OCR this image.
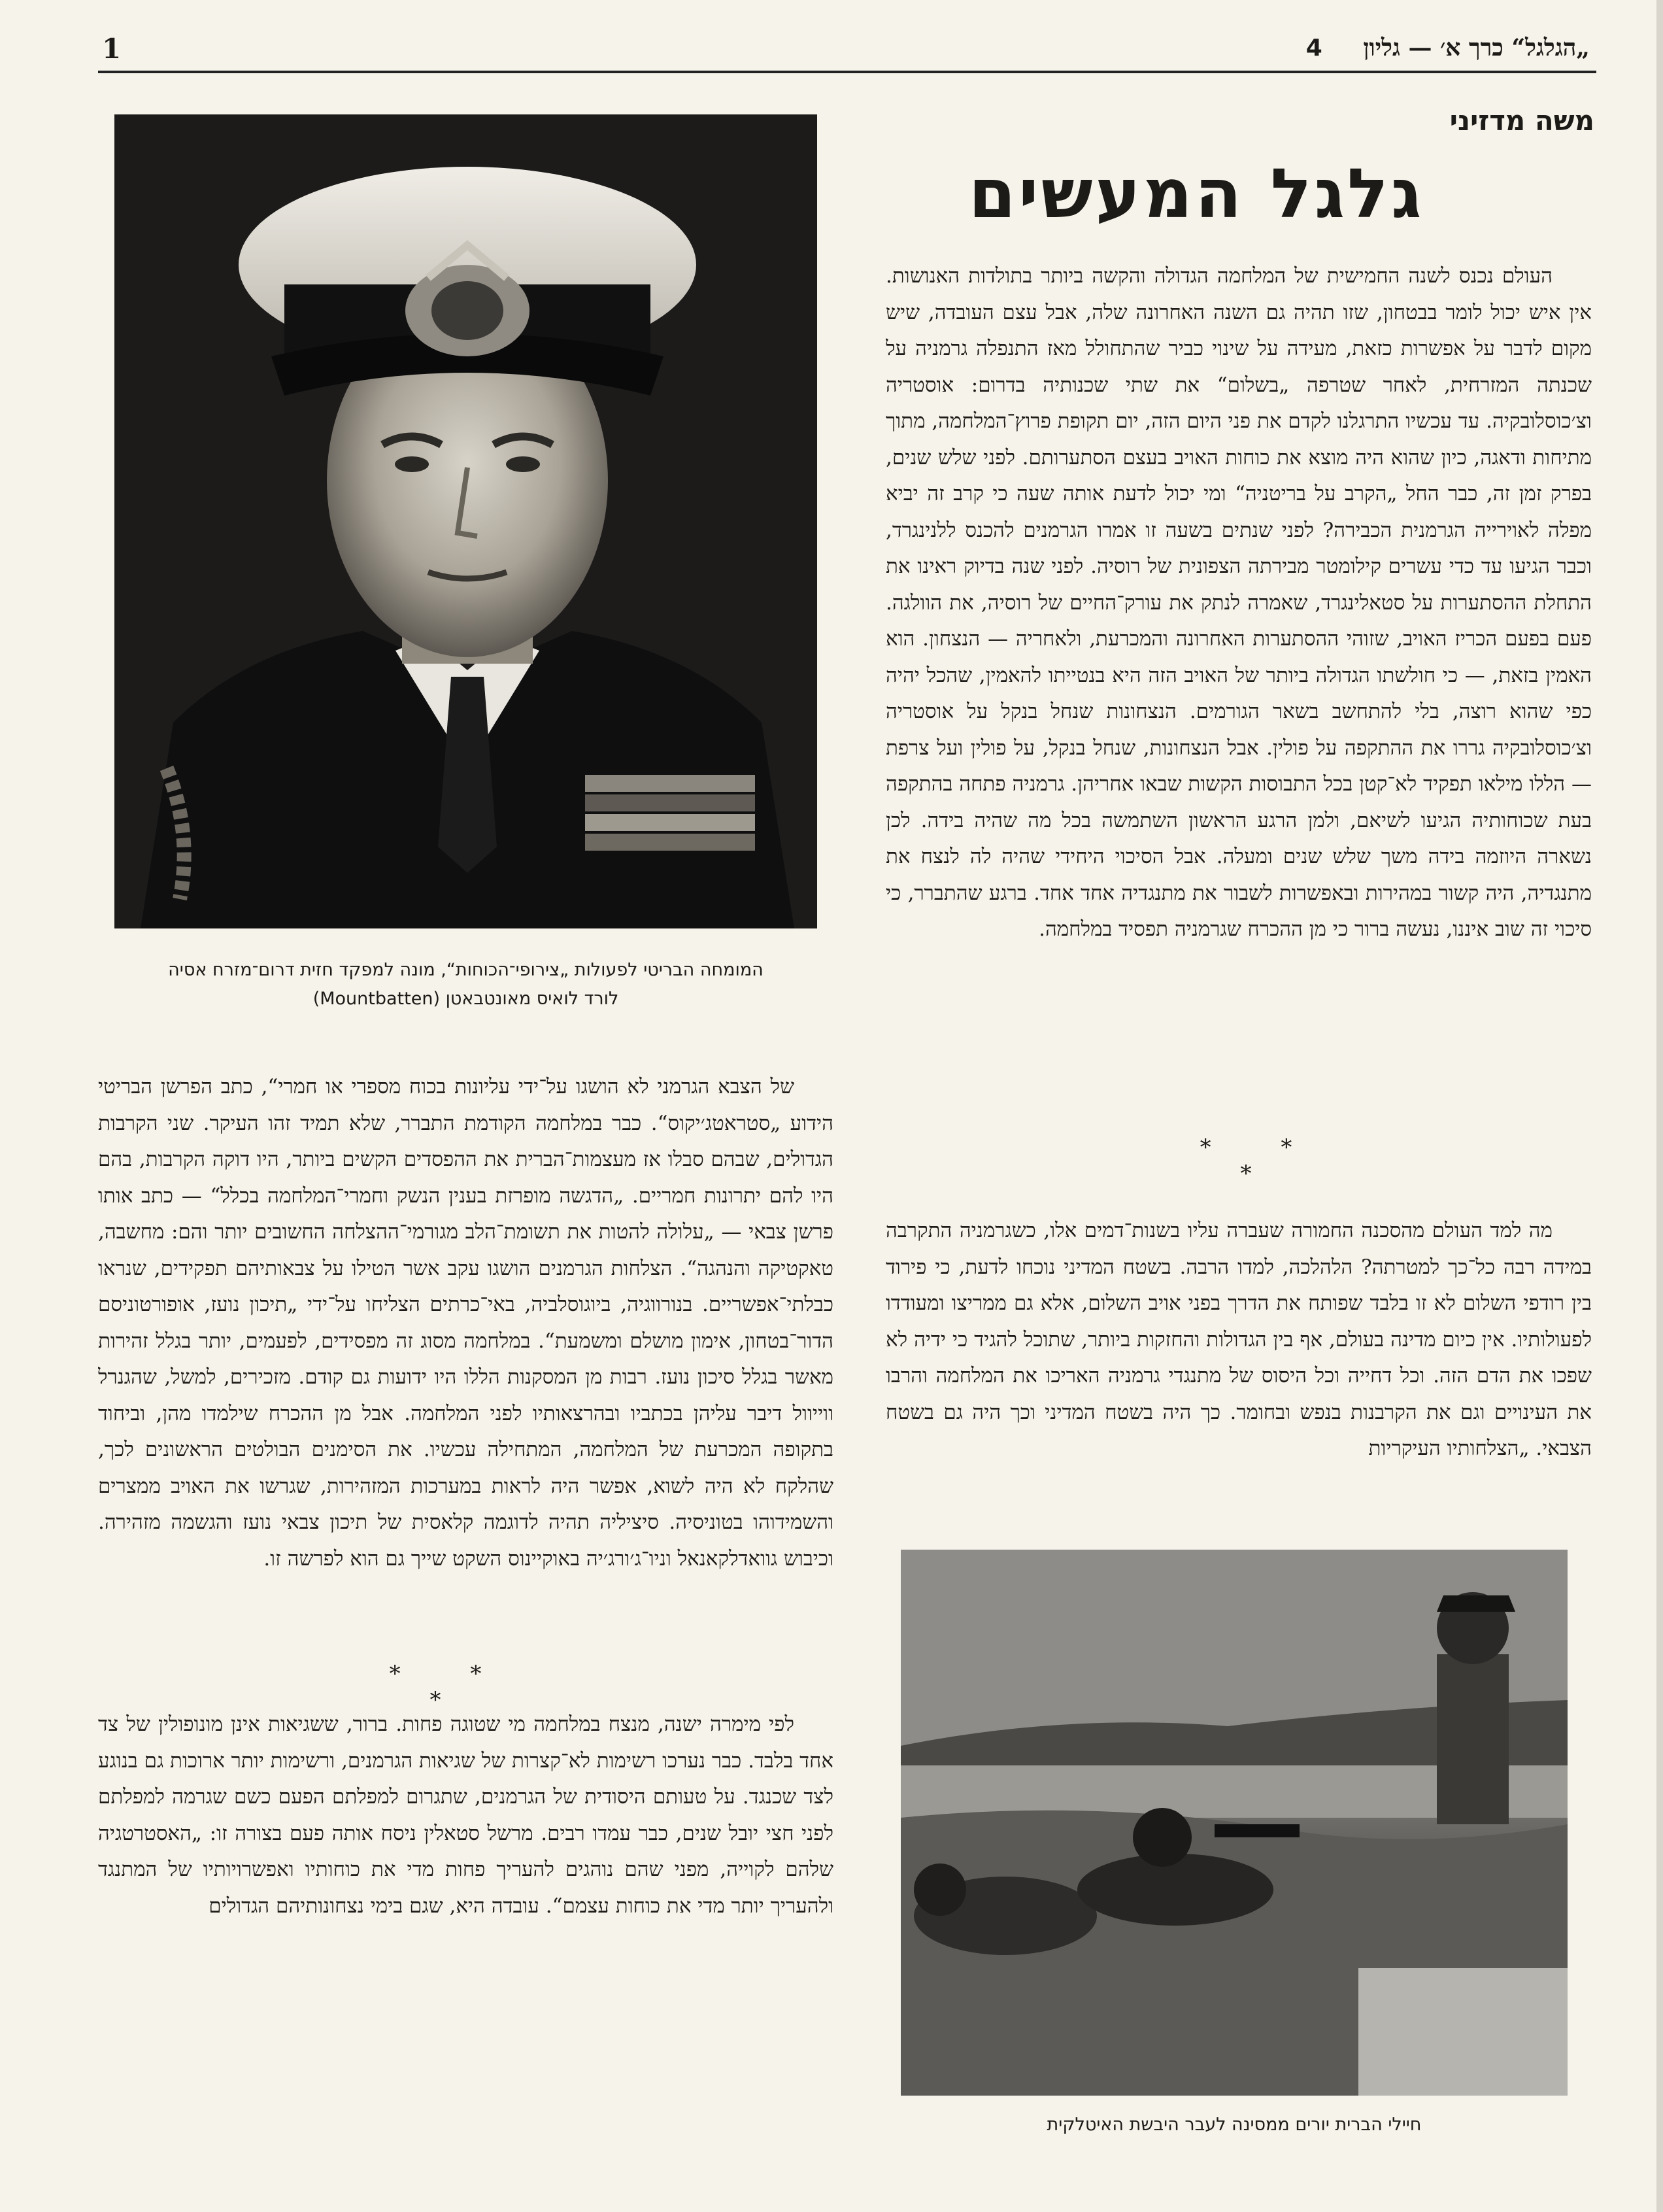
1	„הגלגל“ כרך א׳ — גליון 4
משה מדזיני
גלגל המעשים

העולם נכנס לשנה החמישית של המלחמה הגדולה והקשה ביותר בתולדות האנושות. אין איש יכול לומר בבטחון, שזו תהיה גם השנה האחרונה שלה, אבל עצם העובדה, שיש מקום לדבר על אפשרות כזאת, מעידה על שינוי כביר שהתחולל מאז התנפלה גרמניה על שכנתה המזרחית, לאחר שטרפה „בשלום“ את שתי שכנותיה בדרום: אוסטריה וצ׳כוסלובקיה. עד עכשיו התרגלנו לקדם את פני היום הזה, יום תקופת פרוץ־המלחמה, מתוך מתיחות ודאגה, כיון שהוא היה מוצא את כוחות האויב בעצם הסתערותם. לפני שלש שנים, בפרק זמן זה, כבר החל „הקרב על בריטניה“ ומי יכול לדעת אותה שעה כי קרב זה יביא מפלה לאוירייה הגרמנית הכבירה? לפני שנתים בשעה זו אמרו הגרמנים להכנס ללנינגרד, וכבר הגיעו עד כדי עשרים קילומטר מבירתה הצפונית של רוסיה. לפני שנה בדיוק ראינו את התחלת ההסתערות על סטאלינגרד, שאמרה לנתק את עורק־החיים של רוסיה, את הוולגה. פעם בפעם הכריז האויב, שזוהי ההסתערות האחרונה והמכרעת, ולאחריה — הנצחון. הוא האמין בזאת, — כי חולשתו הגדולה ביותר של האויב הזה היא בנטייתו להאמין, שהכל יהיה כפי שהוא רוצה, בלי להתחשב בשאר הגורמים. הנצחונות שנחל בנקל על אוסטריה וצ׳כוסלובקיה גררו את ההתקפה על פולין. אבל הנצחונות, שנחל בנקל, על פולין ועל צרפת — הללו מילאו תפקיד לא־קטן בכל התבוסות הקשות שבאו אחריהן. גרמניה פתחה בהתקפה בעת שכוחותיה הגיעו לשיאם, ולמן הרגע הראשון השתמשה בכל מה שהיה בידה. לכן נשארה היוזמה בידה משך שלש שנים ומעלה. אבל הסיכוי היחידי שהיה לה לנצח את מתנגדיה, היה קשור במהירות ובאפשרות לשבור את מתנגדיה אחד אחד. ברגע שהתברר, כי סיכוי זה שוב איננו, נעשה ברור כי מן ההכרח שגרמניה תפסיד במלחמה.

* * *

מה למד העולם מהסכנה החמורה שעברה עליו בשנות־דמים אלו, כשגרמניה התקרבה במידה רבה כל־כך למטרתה? הלהלכה, למדו הרבה. בשטח המדיני נוכחו לדעת, כי פירוד בין רודפי השלום לא זו בלבד שפותח את הדרך בפני אויב השלום, אלא גם ממריצו ומעודדו לפעולותיו. אין כיום מדינה בעולם, אף בין הגדולות והחזקות ביותר, שתוכל להגיד כי ידיה לא שפכו את הדם הזה. וכל דחייה וכל היסוס של מתנגדי גרמניה האריכו את המלחמה והרבו את העינויים וגם את הקרבנות בנפש ובחומר. כך היה בשטח המדיני וכך היה גם בשטח הצבאי. „הצלחותיו העיקריות

המומחה הבריטי לפעולות „צירופי־הכוחות“, מונה למפקד חזית דרום־מזרח אסיה
לורד לואיס מאונטבאטן (Mountbatten)

של הצבא הגרמני לא הושגו על־ידי עליונות בכוח מספרי או חמרי“, כתב הפרשן הבריטי הידוע „סטראטג׳יקוס“. כבר במלחמה הקודמת התברר, שלא תמיד זהו העיקר. שני הקרבות הגדולים, שבהם סבלו אז מעצמות־הברית את ההפסדים הקשים ביותר, היו דוקה הקרבות, בהם היו להם יתרונות חמריים. „הדגשה מופרזת בענין הנשק וחמרי־המלחמה בכלל“ — כתב אותו פרשן צבאי — „עלולה להטות את תשומת־הלב מגורמי־ההצלחה החשובים יותר והם: מחשבה, טאקטיקה והנהגה“. הצלחות הגרמנים הושגו עקב אשר הטילו על צבאותיהם תפקידים, שנראו כבלתי־אפשריים. בנורווגיה, ביוגוסלביה, באי־כרתים הצליחו על־ידי „תיכון נועז, אופורטוניסם הדור־בטחון, אימון מושלם ומשמעת“. במלחמה מסוג זה מפסידים, לפעמים, יותר בגלל זהירות מאשר בגלל סיכון נועז. רבות מן המסקנות הללו היו ידועות גם קודם. מזכירים, למשל, שהגנרל ווייוול דיבר עליהן בכתביו ובהרצאותיו לפני המלחמה. אבל מן ההכרח שילמדו מהן, וביחוד בתקופה המכרעת של המלחמה, המתחילה עכשיו. את הסימנים הבולטים הראשונים לכך, שהלקח לא היה לשוא, אפשר היה לראות במערכות המזהירות, שגרשו את האויב ממצרים והשמידוהו בטוניסיה. סיציליה תהיה לדוגמה קלאסית של תיכון צבאי נועז והגשמה מזהירה. וכיבוש גוואדלקאנאל וניו־ג׳ורג׳יה באוקיינוס השקט שייך גם הוא לפרשה זו.

* * *

לפי מימרה ישנה, מנצח במלחמה מי שטוגה פחות. ברור, ששגיאות אינן מונופולין של צד אחד בלבד. כבר נערכו רשימות לא־קצרות של שגיאות הגרמנים, ורשימות יותר ארוכות גם בנוגע לצד שכנגד. על טעותם היסודית של הגרמנים, שתגרום למפלתם הפעם כשם שגרמה למפלתם לפני חצי יובל שנים, כבר עמדו רבים. מרשל סטאלין ניסח אותה פעם בצורה זו: „האסטרטגיה שלהם לקוייה, מפני שהם נוהגים להעריך פחות מדי את כוחותיו ואפשרויותיו של המתנגד ולהעריך יותר מדי את כוחות עצמם“. עובדה היא, שגם בימי נצחונותיהם הגדולים

חיילי הברית יורים ממסינה לעבר היבשת האיטלקית
